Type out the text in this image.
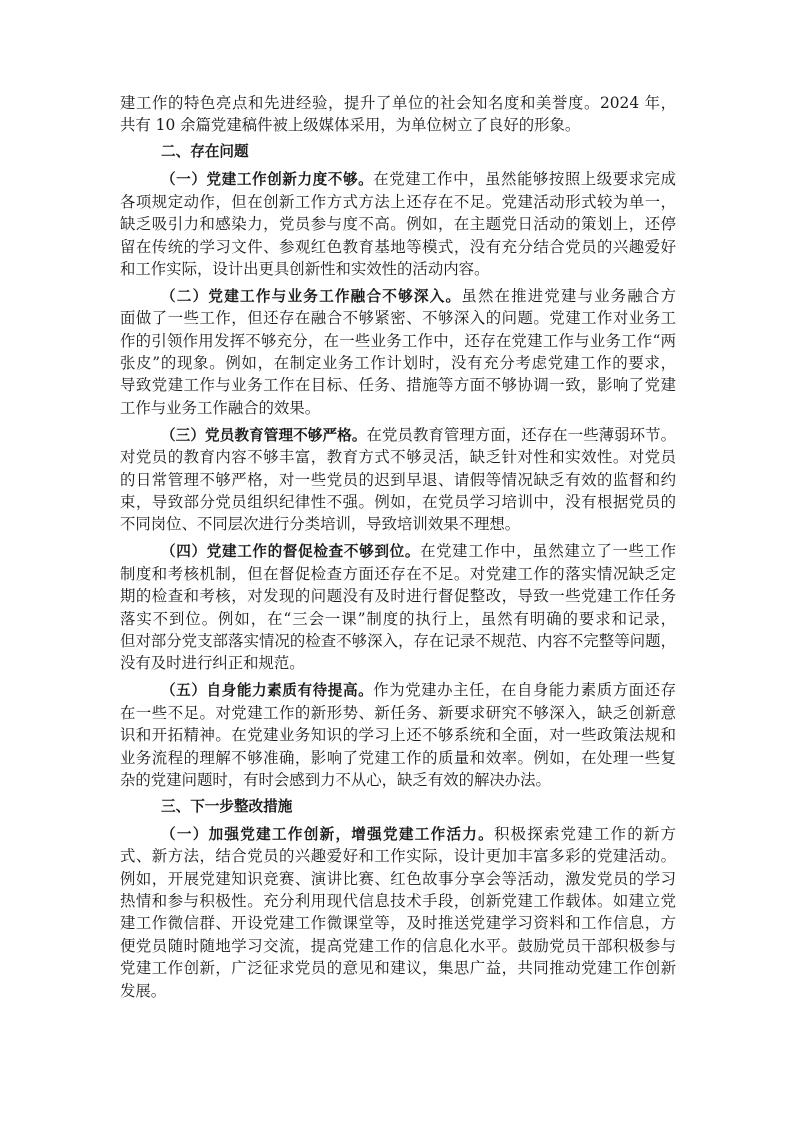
建工作的特色亮点和先进经验，提升了单位的社会知名度和美誉度。2024 年，
共有 10 余篇党建稿件被上级媒体采用，为单位树立了良好的形象。
二、存在问题
（一）党建工作创新力度不够。在党建工作中，虽然能够按照上级要求完成
各项规定动作，但在创新工作方式方法上还存在不足。党建活动形式较为单一，
缺乏吸引力和感染力，党员参与度不高。例如，在主题党日活动的策划上，还停
留在传统的学习文件、参观红色教育基地等模式，没有充分结合党员的兴趣爱好
和工作实际，设计出更具创新性和实效性的活动内容。
（二）党建工作与业务工作融合不够深入。虽然在推进党建与业务融合方
面做了一些工作，但还存在融合不够紧密、不够深入的问题。党建工作对业务工
作的引领作用发挥不够充分，在一些业务工作中，还存在党建工作与业务工作“两
张皮”的现象。例如，在制定业务工作计划时，没有充分考虑党建工作的要求，
导致党建工作与业务工作在目标、任务、措施等方面不够协调一致，影响了党建
工作与业务工作融合的效果。
（三）党员教育管理不够严格。在党员教育管理方面，还存在一些薄弱环节。
对党员的教育内容不够丰富，教育方式不够灵活，缺乏针对性和实效性。对党员
的日常管理不够严格，对一些党员的迟到早退、请假等情况缺乏有效的监督和约
束，导致部分党员组织纪律性不强。例如，在党员学习培训中，没有根据党员的
不同岗位、不同层次进行分类培训，导致培训效果不理想。
（四）党建工作的督促检查不够到位。在党建工作中，虽然建立了一些工作
制度和考核机制，但在督促检查方面还存在不足。对党建工作的落实情况缺乏定
期的检查和考核，对发现的问题没有及时进行督促整改，导致一些党建工作任务
落实不到位。例如，在“三会一课”制度的执行上，虽然有明确的要求和记录，
但对部分党支部落实情况的检查不够深入，存在记录不规范、内容不完整等问题，
没有及时进行纠正和规范。
（五）自身能力素质有待提高。作为党建办主任，在自身能力素质方面还存
在一些不足。对党建工作的新形势、新任务、新要求研究不够深入，缺乏创新意
识和开拓精神。在党建业务知识的学习上还不够系统和全面，对一些政策法规和
业务流程的理解不够准确，影响了党建工作的质量和效率。例如，在处理一些复
杂的党建问题时，有时会感到力不从心，缺乏有效的解决办法。
三、下一步整改措施
（一）加强党建工作创新，增强党建工作活力。积极探索党建工作的新方
式、新方法，结合党员的兴趣爱好和工作实际，设计更加丰富多彩的党建活动。
例如，开展党建知识竞赛、演讲比赛、红色故事分享会等活动，激发党员的学习
热情和参与积极性。充分利用现代信息技术手段，创新党建工作载体。如建立党
建工作微信群、开设党建工作微课堂等，及时推送党建学习资料和工作信息，方
便党员随时随地学习交流，提高党建工作的信息化水平。鼓励党员干部积极参与
党建工作创新，广泛征求党员的意见和建议，集思广益，共同推动党建工作创新
发展。
